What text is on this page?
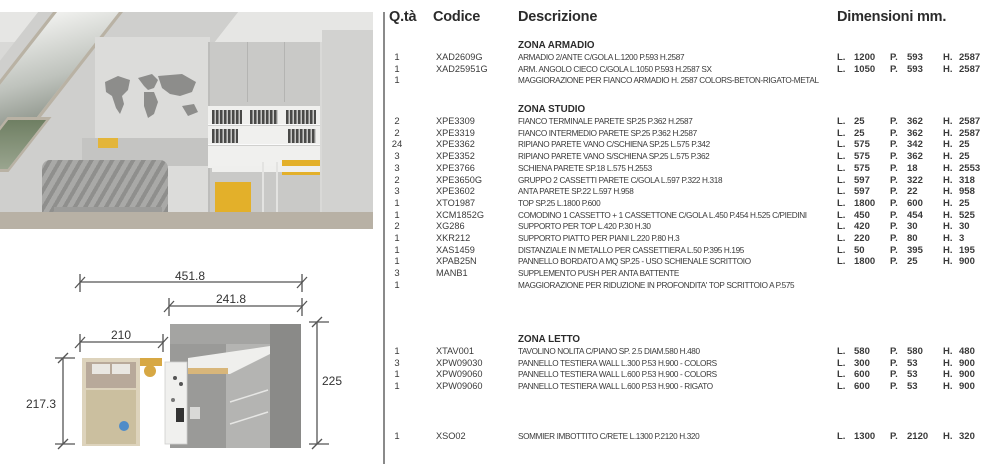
451.8
241.8
210
217.3
225
Q.tà Codice	Descrizione	Dimensioni mm.
ZONA ARMADIO
1	XAD2609G	ARMADIO 2/ANTE C/GOLA L.1200 P.593 H.2587	L. 1200 P. 593 H. 2587
1	XAD25951G	ARM. ANGOLO CIECO C/GOLA L.1050 P.593 H.2587 SX	L. 1050 P. 593 H. 2587
1	MAGGIORAZIONE PER FIANCO ARMADIO H. 2587 COLORS-BETON-RIGATO-METAL
ZONA STUDIO
2	XPE3309	FIANCO TERMINALE PARETE SP.25 P.362 H.2587	L. 25	P. 362 H. 2587
2	XPE3319	FIANCO INTERMEDIO PARETE SP.25 P.362 H.2587	L. 25	P. 362 H. 2587
24	XPE3362	RIPIANO PARETE VANO C/SCHIENA SP.25 L.575 P.342	L. 575 P. 342 H. 25
3	XPE3352	RIPIANO PARETE VANO S/SCHIENA SP.25 L.575 P.362	L. 575 P. 362 H. 25
3	XPE3766	SCHIENA PARETE SP.18 L.575 H.2553	L. 575 P. 18	H. 2553
2	XPE3650G	GRUPPO 2 CASSETTI PARETE C/GOLA L.597 P.322 H.318	L. 597 P. 322 H. 318
3	XPE3602	ANTA PARETE SP.22 L.597 H.958	L. 597 P. 22	H. 958
1	XTO1987	TOP SP.25 L.1800 P.600	L. 1800 P. 600 H. 25
1	XCM1852G	COMODINO 1 CASSETTO + 1 CASSETTONE C/GOLA L.450 P.454 H.525 C/PIEDINI	L. 450 P. 454 H. 525
2	XG286	SUPPORTO PER TOP L.420 P.30 H.30	L. 420 P. 30	H. 30
1	XKR212	SUPPORTO PIATTO PER PIANI L.220 P.80 H.3	L. 220 P. 80	H. 3
1	XAS1459	DISTANZIALE IN METALLO PER CASSETTIERA L.50 P.395 H.195	L. 50	P. 395 H. 195
1	XPAB25N	PANNELLO BORDATO A MQ SP.25 - USO SCHIENALE SCRITTOIO	L. 1800 P. 25	H. 900
3	MANB1	SUPPLEMENTO PUSH PER ANTA BATTENTE
1	MAGGIORAZIONE PER RIDUZIONE IN PROFONDITA' TOP SCRITTOIO A P.575
ZONA LETTO
1	XTAV001	TAVOLINO NOLITA C/PIANO SP. 2.5 DIAM.580 H.480	L. 580 P. 580 H. 480
3	XPW09030	PANNELLO TESTIERA WALL L.300 P.53 H.900 - COLORS	L. 300 P. 53	H. 900
1	XPW09060	PANNELLO TESTIERA WALL L.600 P.53 H.900 - COLORS	L. 600 P. 53	H. 900
1	XPW09060	PANNELLO TESTIERA WALL L.600 P.53 H.900 - RIGATO	L. 600 P. 53	H. 900
1	XSO02	SOMMIER IMBOTTITO C/RETE L.1300 P.2120 H.320	L. 1300 P. 2120 H. 320
